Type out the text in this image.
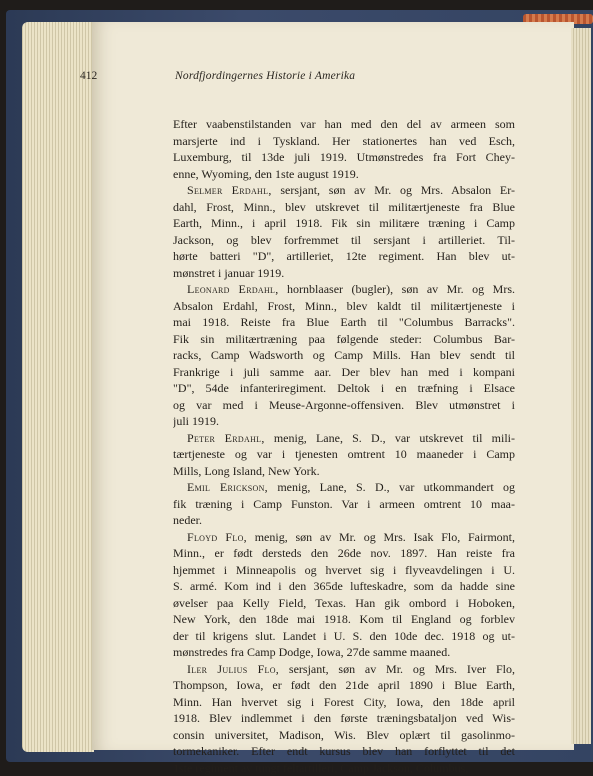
412	Nordfjordingernes Historie i Amerika
Efter vaabenstilstanden var han med den del av armeen som
marsjerte ind i Tyskland. Her stationertes han ved Esch,
Luxemburg, til 13de juli 1919. Utmønstredes fra Fort Chey-
enne, Wyoming, den 1ste august 1919.
Selmer Erdahl, sersjant, søn av Mr. og Mrs. Absalon Er-
dahl, Frost, Minn., blev utskrevet til militærtjeneste fra Blue
Earth, Minn., i april 1918. Fik sin militære træning i Camp
Jackson, og blev forfremmet til sersjant i artilleriet. Til-
hørte batteri "D", artilleriet, 12te regiment. Han blev ut-
mønstret i januar 1919.
Leonard Erdahl, hornblaaser (bugler), søn av Mr. og Mrs.
Absalon Erdahl, Frost, Minn., blev kaldt til militærtjeneste i
mai 1918. Reiste fra Blue Earth til "Columbus Barracks".
Fik sin militærtræning paa følgende steder: Columbus Bar-
racks, Camp Wadsworth og Camp Mills. Han blev sendt til
Frankrige i juli samme aar. Der blev han med i kompani
"D", 54de infanteriregiment. Deltok i en træfning i Elsace
og var med i Meuse-Argonne-offensiven. Blev utmønstret i
juli 1919.
Peter Erdahl, menig, Lane, S. D., var utskrevet til mili-
tærtjeneste og var i tjenesten omtrent 10 maaneder i Camp
Mills, Long Island, New York.
Emil Erickson, menig, Lane, S. D., var utkommandert og
fik træning i Camp Funston. Var i armeen omtrent 10 maa-
neder.
Floyd Flo, menig, søn av Mr. og Mrs. Isak Flo, Fairmont,
Minn., er født dersteds den 26de nov. 1897. Han reiste fra
hjemmet i Minneapolis og hvervet sig i flyveavdelingen i U.
S. armé. Kom ind i den 365de lufteskadre, som da hadde sine
øvelser paa Kelly Field, Texas. Han gik ombord i Hoboken,
New York, den 18de mai 1918. Kom til England og forblev
der til krigens slut. Landet i U. S. den 10de dec. 1918 og ut-
mønstredes fra Camp Dodge, Iowa, 27de samme maaned.
Iler Julius Flo, sersjant, søn av Mr. og Mrs. Iver Flo,
Thompson, Iowa, er født den 21de april 1890 i Blue Earth,
Minn. Han hvervet sig i Forest City, Iowa, den 18de april
1918. Blev indlemmet i den første træningsbataljon ved Wis-
consin universitet, Madison, Wis. Blev oplært til gasolinmo-
tormekaniker. Efter endt kursus blev han forflyttet til det
1ste regiment av tungt feltartilleri, Camp Jackson, Columbus,
